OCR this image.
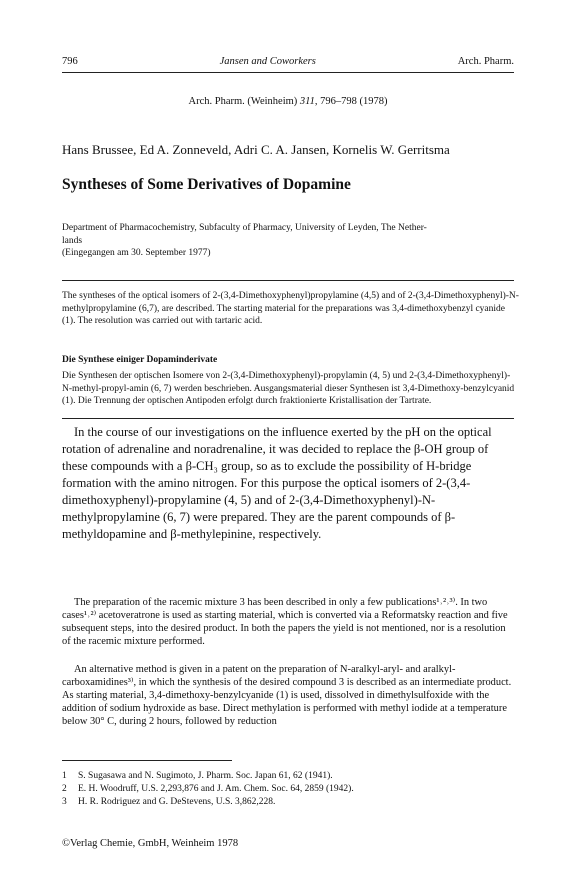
796	Jansen and Coworkers	Arch. Pharm.
Arch. Pharm. (Weinheim) 311, 796–798 (1978)
Hans Brussee, Ed A. Zonneveld, Adri C. A. Jansen, Kornelis W. Gerritsma
Syntheses of Some Derivatives of Dopamine
Department of Pharmacochemistry, Subfaculty of Pharmacy, University of Leyden, The Nether-
lands
(Eingegangen am 30. September 1977)
The syntheses of the optical isomers of 2-(3,4-Dimethoxyphenyl)propylamine (4,5) and of 2-(3,4-Dimethoxyphenyl)-N-methylpropylamine (6,7), are described. The starting material for the preparations was 3,4-dimethoxybenzyl cyanide (1). The resolution was carried out with tartaric acid.
Die Synthese einiger Dopaminderivate
Die Synthesen der optischen Isomere von 2-(3,4-Dimethoxyphenyl)-propylamin (4, 5) und 2-(3,4-Dimethoxyphenyl)-N-methyl-propyl-amin (6, 7) werden beschrieben. Ausgangsmaterial dieser Synthesen ist 3,4-Dimethoxy-benzylcyanid (1). Die Trennung der optischen Antipoden erfolgt durch fraktionierte Kristallisation der Tartrate.

In the course of our investigations on the influence exerted by the pH on the optical rotation of adrenaline and noradrenaline, it was decided to replace the β-OH group of these compounds with a β-CH₃ group, so as to exclude the possibility of H-bridge formation with the amino nitrogen. For this purpose the optical isomers of 2-(3,4-dimethoxyphenyl)-propylamine (4, 5) and of 2-(3,4-Dimethoxyphenyl)-N-methylpropylamine (6, 7) were prepared. They are the parent compounds of β-methyldopamine and β-methylepinine, respectively.

The preparation of the racemic mixture 3 has been described in only a few publications¹˒²˒³⁾. In two cases¹˒²⁾ acetoveratrone is used as starting material, which is converted via a Reformatsky reaction and five subsequent steps, into the desired product. In both the papers the yield is not mentioned, nor is a resolution of the racemic mixture performed.

An alternative method is given in a patent on the preparation of N-aralkyl-aryl- and aralkyl-carboxamidines³⁾, in which the synthesis of the desired compound 3 is described as an intermediate product. As starting material, 3,4-dimethoxy-benzylcyanide (1) is used, dissolved in dimethylsulfoxide with the addition of sodium hydroxide as base. Direct methylation is performed with methyl iodide at a temperature below 30° C, during 2 hours, followed by reduction

1	S. Sugasawa and N. Sugimoto, J. Pharm. Soc. Japan 61, 62 (1941).
2	E. H. Woodruff, U.S. 2,293,876 and J. Am. Chem. Soc. 64, 2859 (1942).
3	H. R. Rodriguez and G. DeStevens, U.S. 3,862,228.
©Verlag Chemie, GmbH, Weinheim 1978
